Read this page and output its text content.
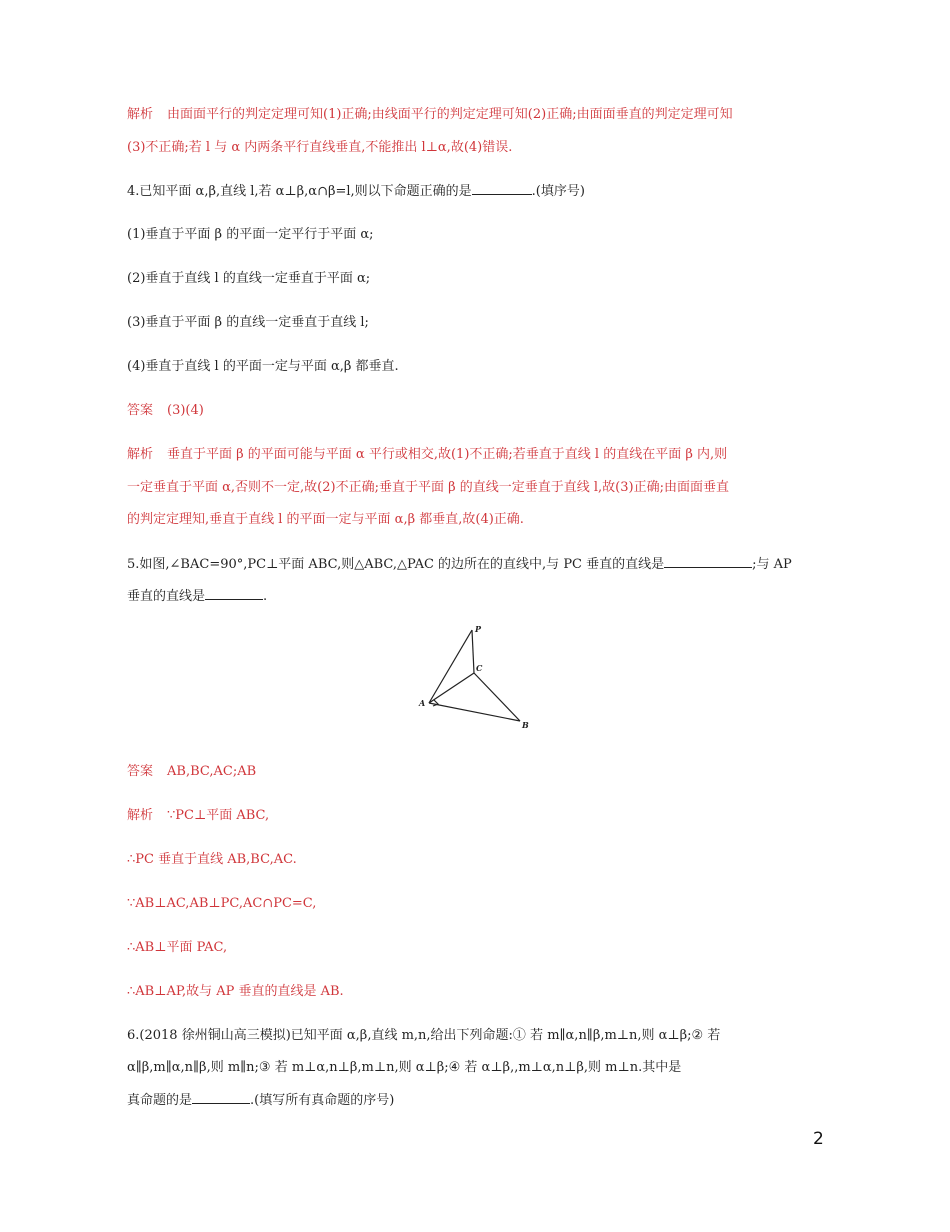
解析 由面面平行的判定定理可知(1)正确;由线面平行的判定定理可知(2)正确;由面面垂直的判定定理可知
(3)不正确;若 l 与 α 内两条平行直线垂直,不能推出 l⊥α,故(4)错误.
4.已知平面 α,β,直线 l,若 α⊥β,α∩β=l,则以下命题正确的是	.(填序号)
(1)垂直于平面 β 的平面一定平行于平面 α;
(2)垂直于直线 l 的直线一定垂直于平面 α;
(3)垂直于平面 β 的直线一定垂直于直线 l;
(4)垂直于直线 l 的平面一定与平面 α,β 都垂直.
答案 (3)(4)
解析 垂直于平面 β 的平面可能与平面 α 平行或相交,故(1)不正确;若垂直于直线 l 的直线在平面 β 内,则
一定垂直于平面 α,否则不一定,故(2)不正确;垂直于平面 β 的直线一定垂直于直线 l,故(3)正确;由面面垂直
的判定定理知,垂直于直线 l 的平面一定与平面 α,β 都垂直,故(4)正确.
5.如图,∠BAC=90°,PC⊥平面 ABC,则△ABC,△PAC 的边所在的直线中,与 PC 垂直的直线是	;与 AP
垂直的直线是	.
P
C
A
B
答案 AB,BC,AC;AB
解析 ∵PC⊥平面 ABC,
∴PC 垂直于直线 AB,BC,AC.
∵AB⊥AC,AB⊥PC,AC∩PC=C,
∴AB⊥平面 PAC,
∴AB⊥AP,故与 AP 垂直的直线是 AB.
6.(2018 徐州铜山高三模拟)已知平面 α,β,直线 m,n,给出下列命题:① 若 m∥α,n∥β,m⊥n,则 α⊥β;② 若
α∥β,m∥α,n∥β,则 m∥n;③ 若 m⊥α,n⊥β,m⊥n,则 α⊥β;④ 若 α⊥β,,m⊥α,n⊥β,则 m⊥n.其中是
真命题的是	.(填写所有真命题的序号)
2
